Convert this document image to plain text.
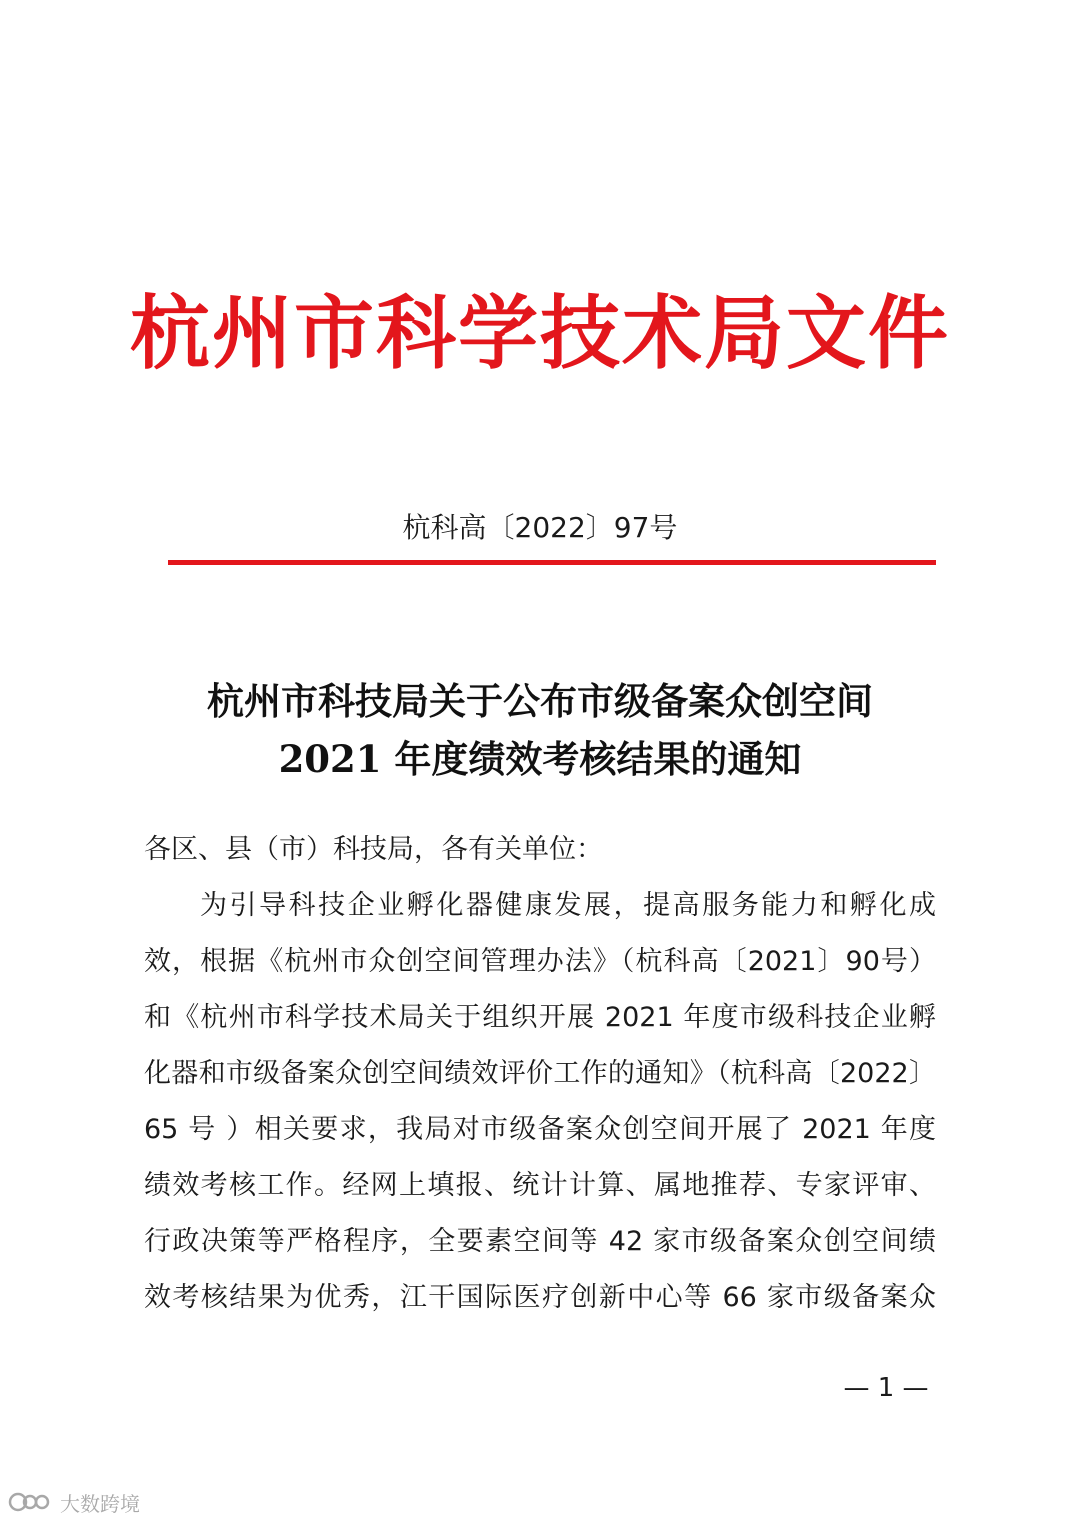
杭州市科学技术局文件
杭科高〔2022〕97号
杭州市科技局关于公布市级备案众创空间
2021 年度绩效考核结果的通知
各区、县（市）科技局，各有关单位：
为引导科技企业孵化器健康发展，提高服务能力和孵化成
效，根据《杭州市众创空间管理办法》（杭科高〔2021〕90号）
和《杭州市科学技术局关于组织开展 2021 年度市级科技企业孵
化器和市级备案众创空间绩效评价工作的通知》（杭科高〔2022〕
65 号 ）相关要求，我局对市级备案众创空间开展了 2021 年度
绩效考核工作。经网上填报、统计计算、属地推荐、专家评审、
行政决策等严格程序，全要素空间等 42 家市级备案众创空间绩
效考核结果为优秀，江干国际医疗创新中心等 66 家市级备案众
— 1 —
大数跨境
